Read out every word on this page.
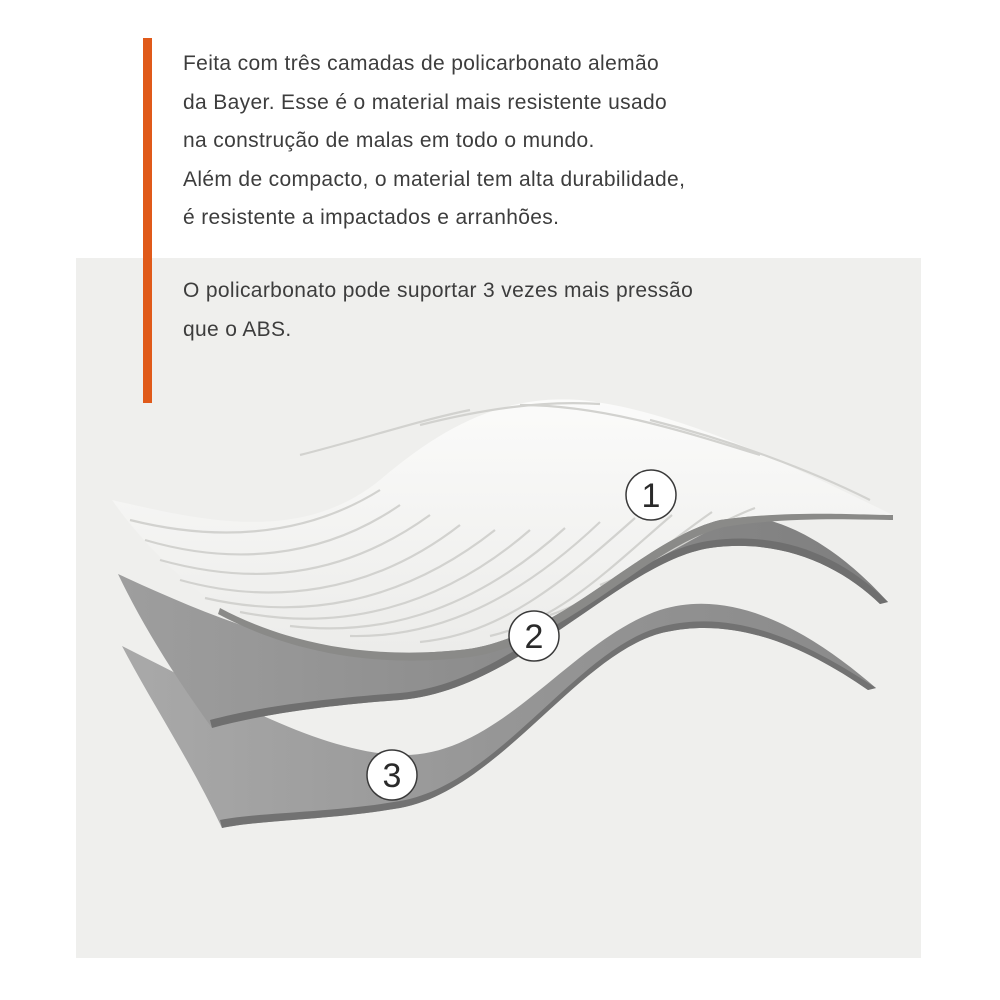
Feita com três camadas de policarbonato alemão
da Bayer. Esse é o material mais resistente usado
na construção de malas em todo o mundo.
Além de compacto, o material tem alta durabilidade,
é resistente a impactados e arranhões.

O policarbonato pode suportar 3 vezes mais pressão
que o ABS.

1
2
3
